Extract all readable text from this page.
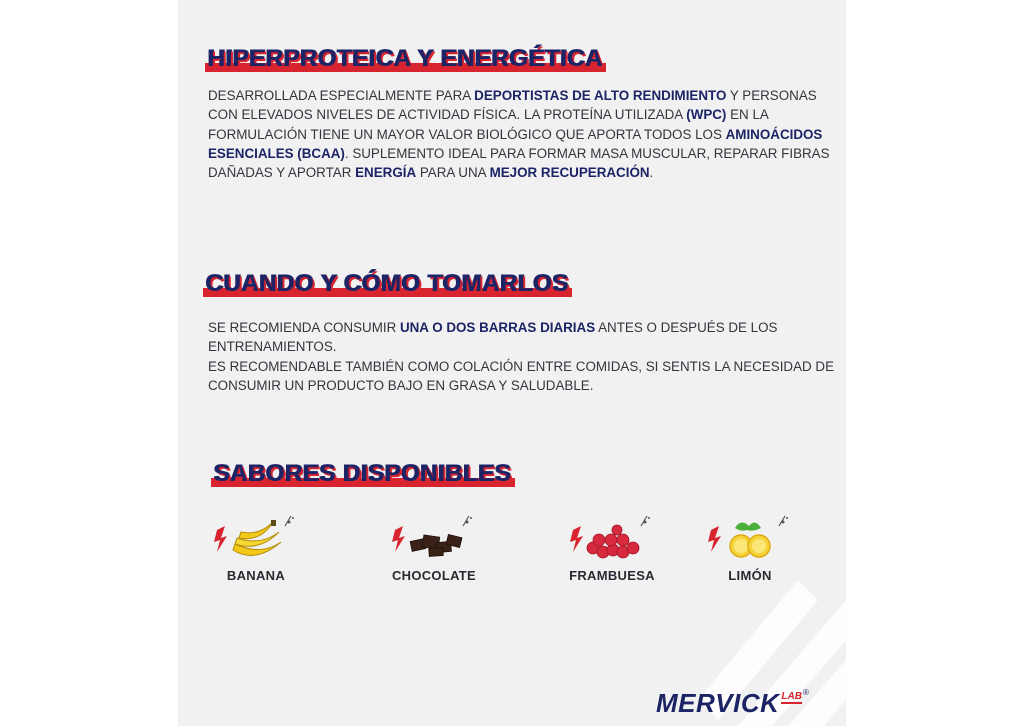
HIPERPROTEICA Y ENERGÉTICA

DESARROLLADA ESPECIALMENTE PARA DEPORTISTAS DE ALTO RENDIMIENTO Y PERSONAS CON ELEVADOS NIVELES DE ACTIVIDAD FÍSICA. LA PROTEÍNA UTILIZADA (WPC) EN LA FORMULACIÓN TIENE UN MAYOR VALOR BIOLÓGICO QUE APORTA TODOS LOS AMINOÁCIDOS ESENCIALES (BCAA). SUPLEMENTO IDEAL PARA FORMAR MASA MUSCULAR, REPARAR FIBRAS DAÑADAS Y APORTAR ENERGÍA PARA UNA MEJOR RECUPERACIÓN.

CUANDO Y CÓMO TOMARLOS

SE RECOMIENDA CONSUMIR UNA O DOS BARRAS DIARIAS ANTES O DESPUÉS DE LOS ENTRENAMIENTOS.
ES RECOMENDABLE TAMBIÉN COMO COLACIÓN ENTRE COMIDAS, SI SENTIS LA NECESIDAD DE CONSUMIR UN PRODUCTO BAJO EN GRASA Y SALUDABLE.

SABORES DISPONIBLES
BANANA	CHOCOLATE	FRAMBUESA	LIMÓN
MERVICK LAB®
